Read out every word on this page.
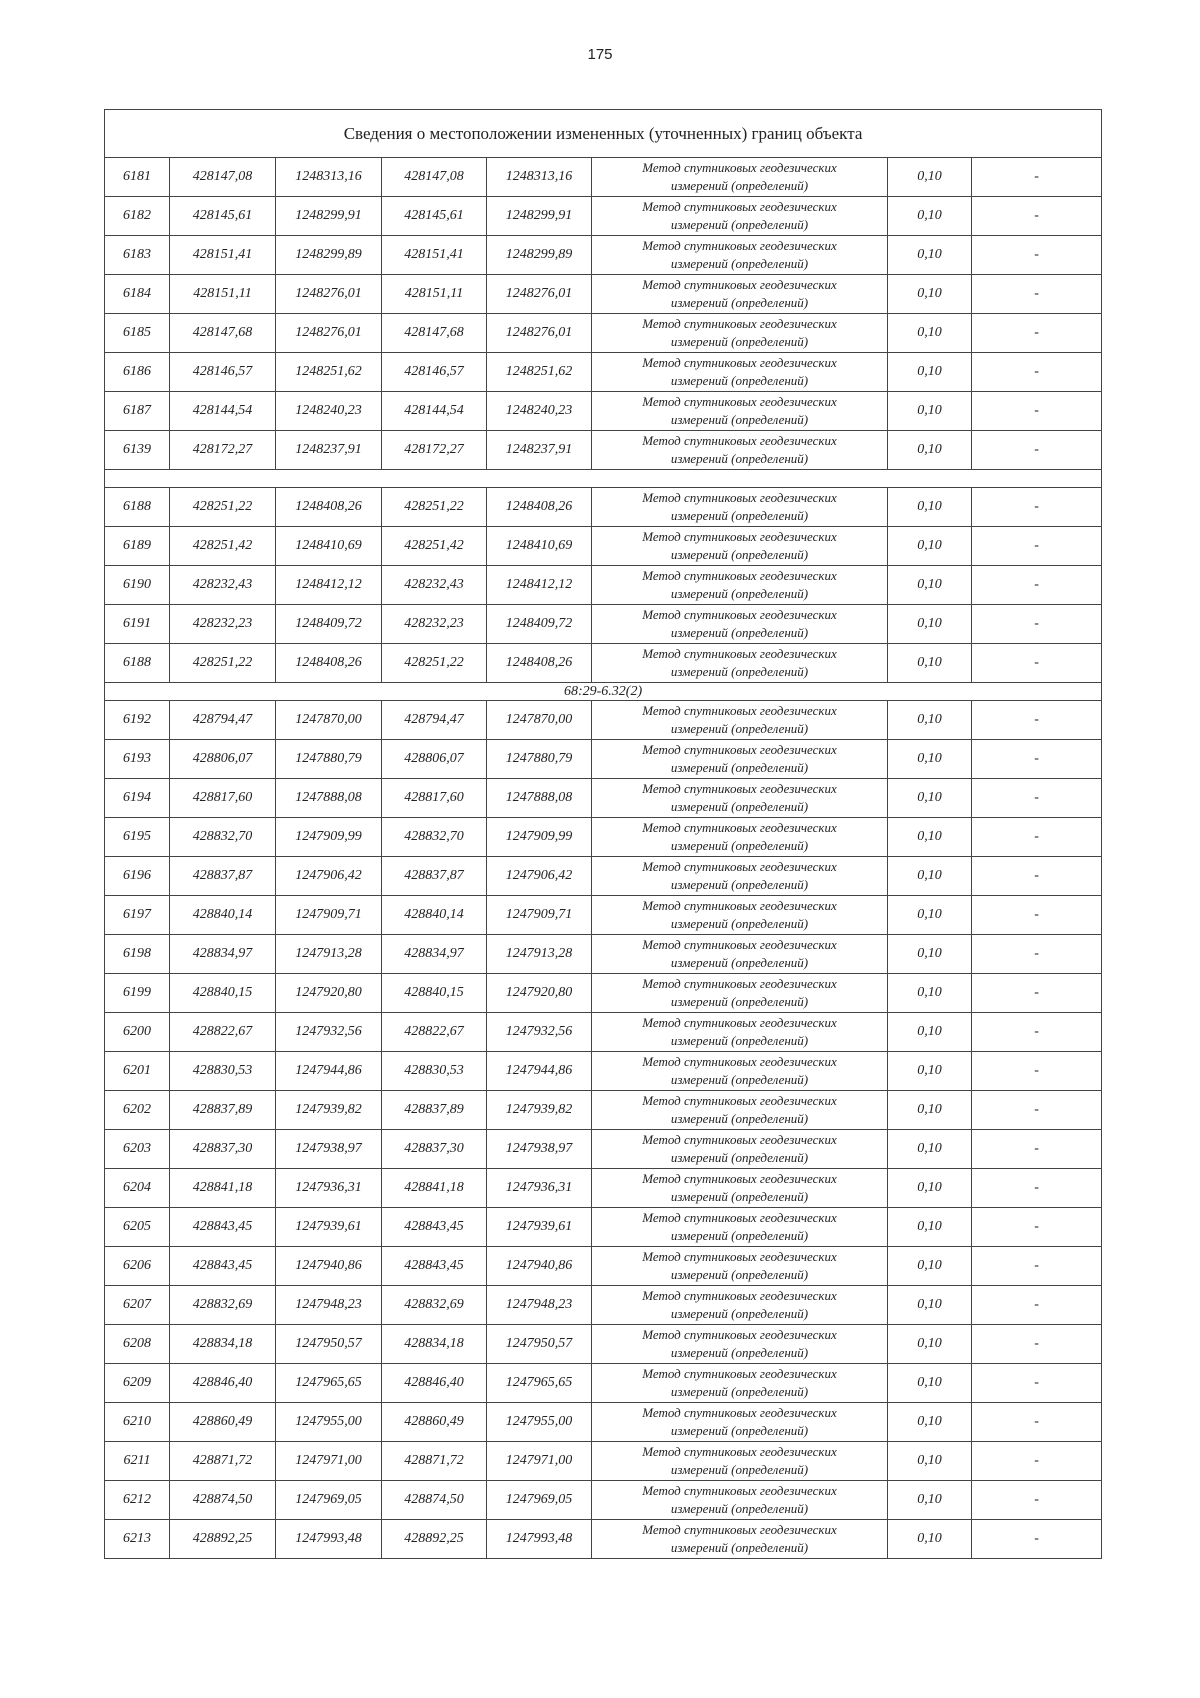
175
Сведения о местоположении измененных (уточненных) границ объекта							
6181	428147,08	1248313,16	428147,08	1248313,16	Метод спутниковых геодезических
измерений (определений)	0,10	-
6182	428145,61	1248299,91	428145,61	1248299,91	Метод спутниковых геодезических
измерений (определений)	0,10	-
6183	428151,41	1248299,89	428151,41	1248299,89	Метод спутниковых геодезических
измерений (определений)	0,10	-
6184	428151,11	1248276,01	428151,11	1248276,01	Метод спутниковых геодезических
измерений (определений)	0,10	-
6185	428147,68	1248276,01	428147,68	1248276,01	Метод спутниковых геодезических
измерений (определений)	0,10	-
6186	428146,57	1248251,62	428146,57	1248251,62	Метод спутниковых геодезических
измерений (определений)	0,10	-
6187	428144,54	1248240,23	428144,54	1248240,23	Метод спутниковых геодезических
измерений (определений)	0,10	-
6139	428172,27	1248237,91	428172,27	1248237,91	Метод спутниковых геодезических
измерений (определений)	0,10	-

6188	428251,22	1248408,26	428251,22	1248408,26	Метод спутниковых геодезических
измерений (определений)	0,10	-
6189	428251,42	1248410,69	428251,42	1248410,69	Метод спутниковых геодезических
измерений (определений)	0,10	-
6190	428232,43	1248412,12	428232,43	1248412,12	Метод спутниковых геодезических
измерений (определений)	0,10	-
6191	428232,23	1248409,72	428232,23	1248409,72	Метод спутниковых геодезических
измерений (определений)	0,10	-
6188	428251,22	1248408,26	428251,22	1248408,26	Метод спутниковых геодезических
измерений (определений)	0,10	-
68:29-6.32(2)							
6192	428794,47	1247870,00	428794,47	1247870,00	Метод спутниковых геодезических
измерений (определений)	0,10	-
6193	428806,07	1247880,79	428806,07	1247880,79	Метод спутниковых геодезических
измерений (определений)	0,10	-
6194	428817,60	1247888,08	428817,60	1247888,08	Метод спутниковых геодезических
измерений (определений)	0,10	-
6195	428832,70	1247909,99	428832,70	1247909,99	Метод спутниковых геодезических
измерений (определений)	0,10	-
6196	428837,87	1247906,42	428837,87	1247906,42	Метод спутниковых геодезических
измерений (определений)	0,10	-
6197	428840,14	1247909,71	428840,14	1247909,71	Метод спутниковых геодезических
измерений (определений)	0,10	-
6198	428834,97	1247913,28	428834,97	1247913,28	Метод спутниковых геодезических
измерений (определений)	0,10	-
6199	428840,15	1247920,80	428840,15	1247920,80	Метод спутниковых геодезических
измерений (определений)	0,10	-
6200	428822,67	1247932,56	428822,67	1247932,56	Метод спутниковых геодезических
измерений (определений)	0,10	-
6201	428830,53	1247944,86	428830,53	1247944,86	Метод спутниковых геодезических
измерений (определений)	0,10	-
6202	428837,89	1247939,82	428837,89	1247939,82	Метод спутниковых геодезических
измерений (определений)	0,10	-
6203	428837,30	1247938,97	428837,30	1247938,97	Метод спутниковых геодезических
измерений (определений)	0,10	-
6204	428841,18	1247936,31	428841,18	1247936,31	Метод спутниковых геодезических
измерений (определений)	0,10	-
6205	428843,45	1247939,61	428843,45	1247939,61	Метод спутниковых геодезических
измерений (определений)	0,10	-
6206	428843,45	1247940,86	428843,45	1247940,86	Метод спутниковых геодезических
измерений (определений)	0,10	-
6207	428832,69	1247948,23	428832,69	1247948,23	Метод спутниковых геодезических
измерений (определений)	0,10	-
6208	428834,18	1247950,57	428834,18	1247950,57	Метод спутниковых геодезических
измерений (определений)	0,10	-
6209	428846,40	1247965,65	428846,40	1247965,65	Метод спутниковых геодезических
измерений (определений)	0,10	-
6210	428860,49	1247955,00	428860,49	1247955,00	Метод спутниковых геодезических
измерений (определений)	0,10	-
6211	428871,72	1247971,00	428871,72	1247971,00	Метод спутниковых геодезических
измерений (определений)	0,10	-
6212	428874,50	1247969,05	428874,50	1247969,05	Метод спутниковых геодезических
измерений (определений)	0,10	-
6213	428892,25	1247993,48	428892,25	1247993,48	Метод спутниковых геодезических
измерений (определений)	0,10	-
